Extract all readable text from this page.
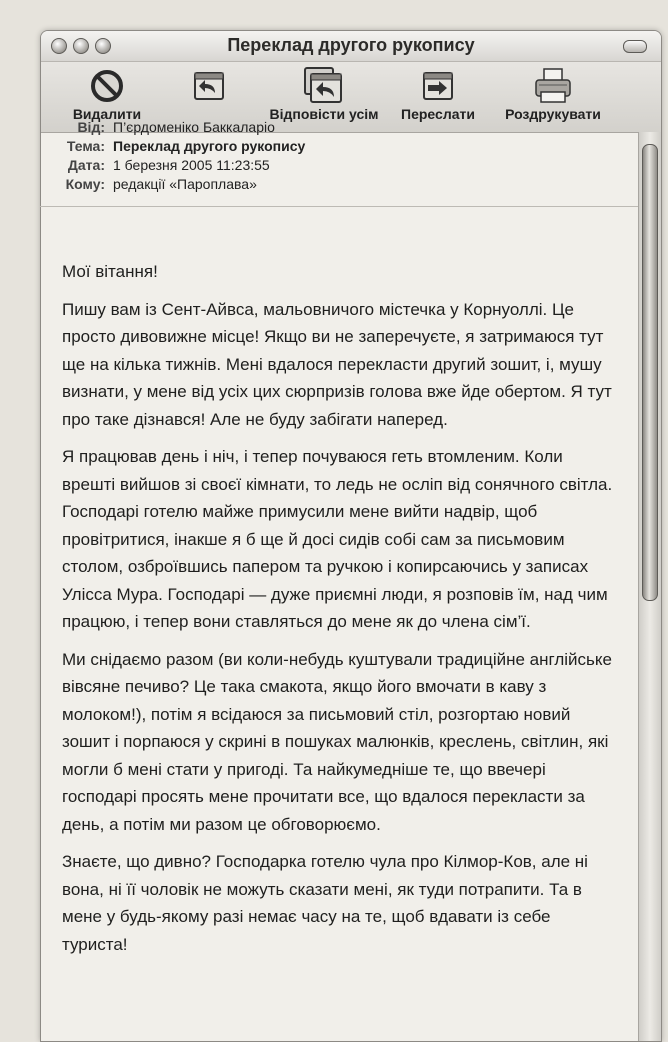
Переклад другого рукопису
Видалити	Відповісти усім	Переслати	Роздрукувати
Від: П’єрдоменіко Баккаларіо
Тема: Переклад другого рукопису
Дата: 1 березня 2005 11:23:55
Кому: редакції «Пароплава»

Мої вітання!

Пишу вам із Сент-Айвса, мальовничого містечка у Корнуоллі. Це просто дивовижне місце! Якщо ви не заперечуєте, я затримаюся тут ще на кілька тижнів. Мені вдалося перекласти другий зошит, і, мушу визнати, у мене від усіх цих сюрпризів голова вже йде обертом. Я тут про таке дізнався! Але не буду забігати наперед.

Я працював день і ніч, і тепер почуваюся геть втомленим. Коли врешті вийшов зі своєї кімнати, то ледь не осліп від сонячного світла. Господарі готелю майже примусили мене вийти надвір, щоб провітритися, інакше я б ще й досі сидів собі сам за письмовим столом, озброївшись папером та ручкою і копирсаючись у записах Улісса Мура. Господарі — дуже приємні люди, я розповів їм, над чим працюю, і тепер вони ставляться до мене як до члена сім’ї.

Ми снідаємо разом (ви коли-небудь куштували традиційне англійське вівсяне печиво? Це така смакота, якщо його вмочати в каву з молоком!), потім я всідаюся за письмовий стіл, розгортаю новий зошит і порпаюся у скрині в пошуках малюнків, креслень, світлин, які могли б мені стати у пригоді. Та найкумедніше те, що ввечері господарі просять мене прочитати все, що вдалося перекласти за день, а потім ми разом це обговорюємо.

Знаєте, що дивно? Господарка готелю чула про Кілмор-Ков, але ні вона, ні її чоловік не можуть сказати мені, як туди потрапити. Та в мене у будь-якому разі немає часу на те, щоб вдавати із себе туриста!
